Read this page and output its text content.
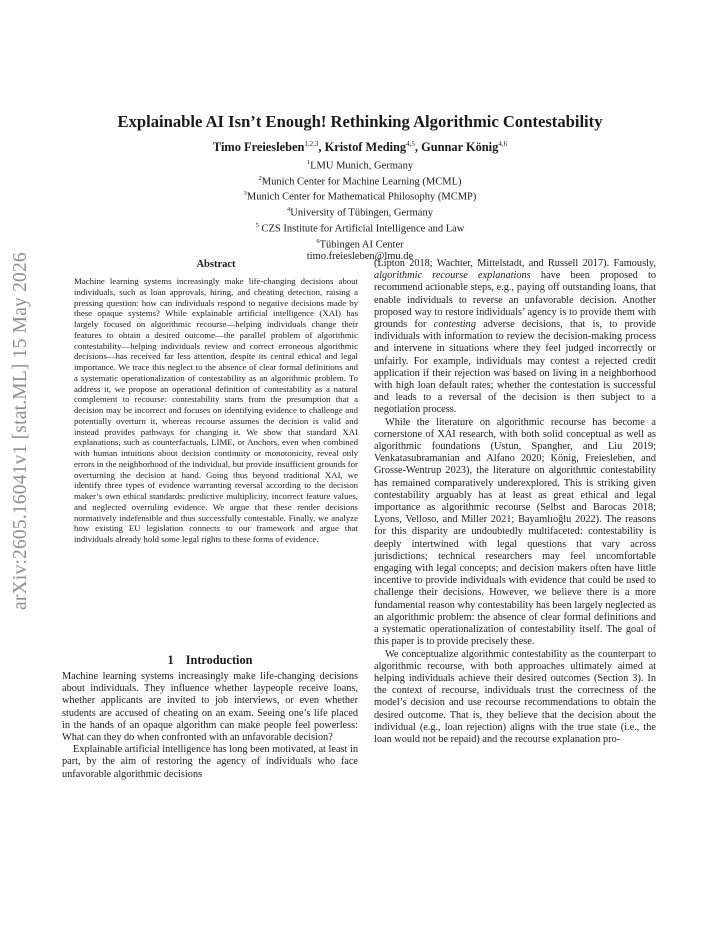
arXiv:2605.16041v1 [stat.ML] 15 May 2026
Explainable AI Isn’t Enough! Rethinking Algorithmic Contestability
Timo Freiesleben$^{1,2,3}$, Kristof Meding$^{4,5}$, Gunnar König$^{4,6}$
$^1$LMU Munich, Germany
$^2$Munich Center for Machine Learning (MCML)
$^3$Munich Center for Mathematical Philosophy (MCMP)
$^4$University of Tübingen, Germany
$^5$ CZS Institute for Artificial Intelligence and Law
$^6$Tübingen AI Center
timo.freiesleben@lmu.de
Abstract

Machine learning systems increasingly make life-changing decisions about individuals, such as loan approvals, hiring, and cheating detection, raising a pressing question: how can individuals respond to negative decisions made by these opaque systems? While explainable artificial intelligence (XAI) has largely focused on algorithmic recourse—helping individuals change their features to obtain a desired outcome—the parallel problem of algorithmic contestability—helping individuals review and correct erroneous algorithmic decisions—has received far less attention, despite its central ethical and legal importance. We trace this neglect to the absence of clear formal definitions and a systematic operationalization of contestability as an algorithmic problem. To address it, we propose an operational definition of contestability as a natural complement to recourse: contestability starts from the presumption that a decision may be incorrect and focuses on identifying evidence to challenge and potentially overturn it, whereas recourse assumes the decision is valid and instead provides pathways for changing it. We show that standard XAI explanations, such as counterfactuals, LIME, or Anchors, even when combined with human intuitions about decision continuity or monotonicity, reveal only errors in the neighborhood of the individual, but provide insufficient grounds for overturning the decision at hand. Going thus beyond traditional XAI, we identify three types of evidence warranting reversal according to the decision maker’s own ethical standards: predictive multiplicity, incorrect feature values, and neglected overruling evidence. We argue that these render decisions normatively indefensible and thus successfully contestable. Finally, we analyze how existing EU legislation connects to our framework and argue that individuals already hold some legal rights to these forms of evidence.

1 Introduction

Machine learning systems increasingly make life-changing decisions about individuals. They influence whether laypeople receive loans, whether applicants are invited to job interviews, or even whether students are accused of cheating on an exam. Seeing one’s life placed in the hands of an opaque algorithm can make people feel powerless: What can they do when confronted with an unfavorable decision?

Explainable artificial intelligence has long been motivated, at least in part, by the aim of restoring the agency of individuals who face unfavorable algorithmic decisions

(Lipton 2018; Wachter, Mittelstadt, and Russell 2017). Famously, algorithmic recourse explanations have been proposed to recommend actionable steps, e.g., paying off outstanding loans, that enable individuals to reverse an unfavorable decision. Another proposed way to restore individuals’ agency is to provide them with grounds for contesting adverse decisions, that is, to provide individuals with information to review the decision-making process and intervene in situations where they feel judged incorrectly or unfairly. For example, individuals may contest a rejected credit application if their rejection was based on living in a neighborhood with high loan default rates; whether the contestation is successful and leads to a reversal of the decision is then subject to a negotiation process.

While the literature on algorithmic recourse has become a cornerstone of XAI research, with both solid conceptual as well as algorithmic foundations (Ustun, Spangher, and Liu 2019; Venkatasubramanian and Alfano 2020; König, Freiesleben, and Grosse-Wentrup 2023), the literature on algorithmic contestability has remained comparatively underexplored. This is striking given contestability arguably has at least as great ethical and legal importance as algorithmic recourse (Selbst and Barocas 2018; Lyons, Velloso, and Miller 2021; Bayamlıoğlu 2022). The reasons for this disparity are undoubtedly multifaceted: contestability is deeply intertwined with legal questions that vary across jurisdictions; technical researchers may feel uncomfortable engaging with legal concepts; and decision makers often have little incentive to provide individuals with evidence that could be used to challenge their decisions. However, we believe there is a more fundamental reason why contestability has been largely neglected as an algorithmic problem: the absence of clear formal definitions and a systematic operationalization of contestability itself. The goal of this paper is to provide precisely these.

We conceptualize algorithmic contestability as the counterpart to algorithmic recourse, with both approaches ultimately aimed at helping individuals achieve their desired outcomes (Section 3). In the context of recourse, individuals trust the correctness of the model’s decision and use recourse recommendations to obtain the desired outcome. That is, they believe that the decision about the individual (e.g., loan rejection) aligns with the true state (i.e., the loan would not be repaid) and the recourse explanation pro-
